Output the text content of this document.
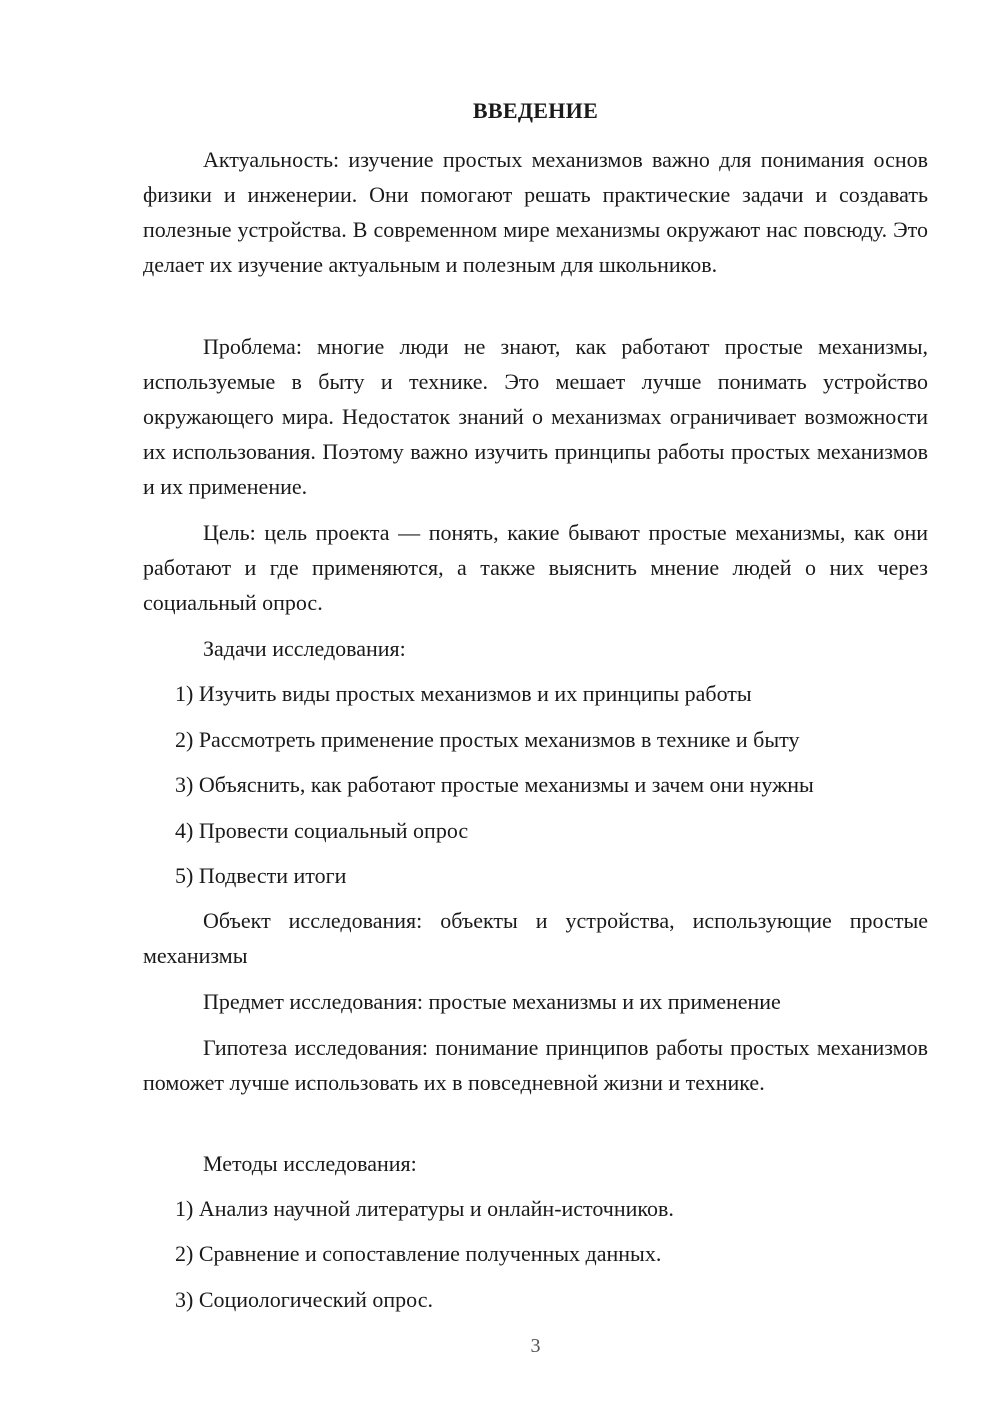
ВВЕДЕНИЕ

Актуальность: изучение простых механизмов важно для понимания основ физики и инженерии. Они помогают решать практические задачи и создавать полезные устройства. В современном мире механизмы окружают нас повсюду. Это делает их изучение актуальным и полезным для школьников.

Проблема: многие люди не знают, как работают простые механизмы, используемые в быту и технике. Это мешает лучше понимать устройство окружающего мира. Недостаток знаний о механизмах ограничивает возможности их использования. Поэтому важно изучить принципы работы простых механизмов и их применение.

Цель: цель проекта — понять, какие бывают простые механизмы, как они работают и где применяются, а также выяснить мнение людей о них через социальный опрос.

Задачи исследования:
1) Изучить виды простых механизмов и их принципы работы
2) Рассмотреть применение простых механизмов в технике и быту
3) Объяснить, как работают простые механизмы и зачем они нужны
4) Провести социальный опрос
5) Подвести итоги

Объект исследования: объекты и устройства, использующие простые механизмы

Предмет исследования: простые механизмы и их применение

Гипотеза исследования: понимание принципов работы простых механизмов поможет лучше использовать их в повседневной жизни и технике.

Методы исследования:
1) Анализ научной литературы и онлайн-источников.
2) Сравнение и сопоставление полученных данных.
3) Социологический опрос.
3
